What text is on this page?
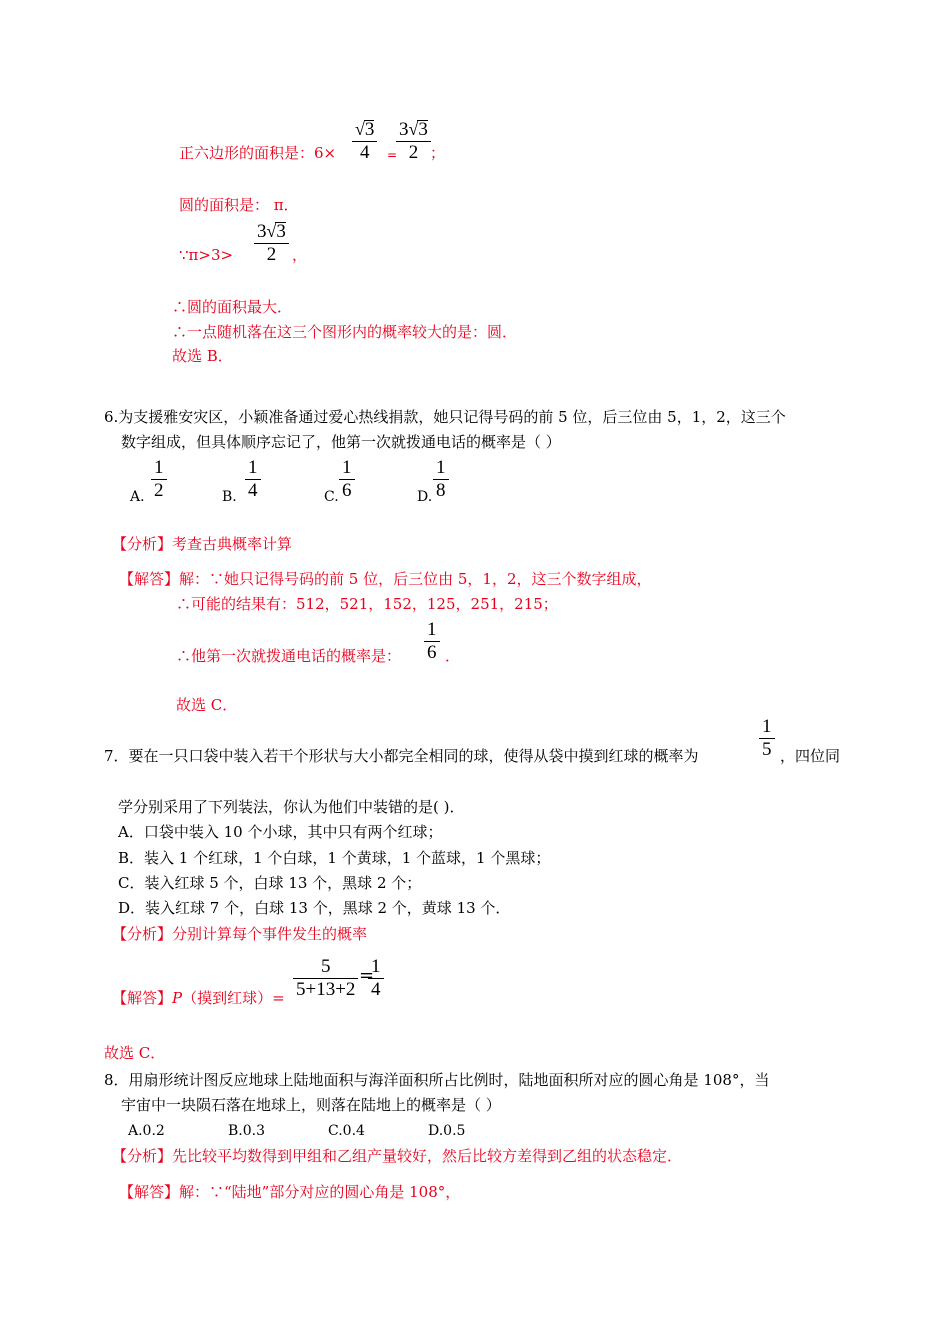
正六边形的面积是：6×
√3
4	=
3√3
2 ；
圆的面积是： π．
∵π>3>
3√3
2	，
∴圆的面积最大．
∴一点随机落在这三个图形内的概率较大的是：圆．
故选 B．
6.为支援雅安灾区，小颖准备通过爱心热线捐款，她只记得号码的前 5 位，后三位由 5，1，2，这三个
数字组成，但具体顺序忘记了，他第一次就拨通电话的概率是（ ）
A.
1
2	B.
1
4	C.
1
6	D.
1
8
【分析】考查古典概率计算
【解答】解：∵她只记得号码的前 5 位，后三位由 5，1，2，这三个数字组成，
∴可能的结果有：512，521，152，125，251，215；
∴他第一次就拨通电话的概率是：
1
6 ．
故选 C．
7．要在一只口袋中装入若干个形状与大小都完全相同的球，使得从袋中摸到红球的概率为
1
5 ，四位同
学分别采用了下列装法，你认为他们中装错的是( )．
A．口袋中装入 10 个小球，其中只有两个红球；
B．装入 1 个红球，1 个白球，1 个黄球，1 个蓝球，1 个黑球；
C．装入红球 5 个，白球 13 个，黑球 2 个；
D．装入红球 7 个，白球 13 个，黑球 2 个，黄球 13 个．
【分析】分别计算每个事件发生的概率
【解答】P（摸到红球）=
5
5+13+2
=
1
4
故选 C．
8．用扇形统计图反应地球上陆地面积与海洋面积所占比例时，陆地面积所对应的圆心角是 108°，当
宇宙中一块陨石落在地球上，则落在陆地上的概率是（ ）
A.0.2	B.0.3	C.0.4	D.0.5
【分析】先比较平均数得到甲组和乙组产量较好，然后比较方差得到乙组的状态稳定．
【解答】解：∵“陆地”部分对应的圆心角是 108°，
